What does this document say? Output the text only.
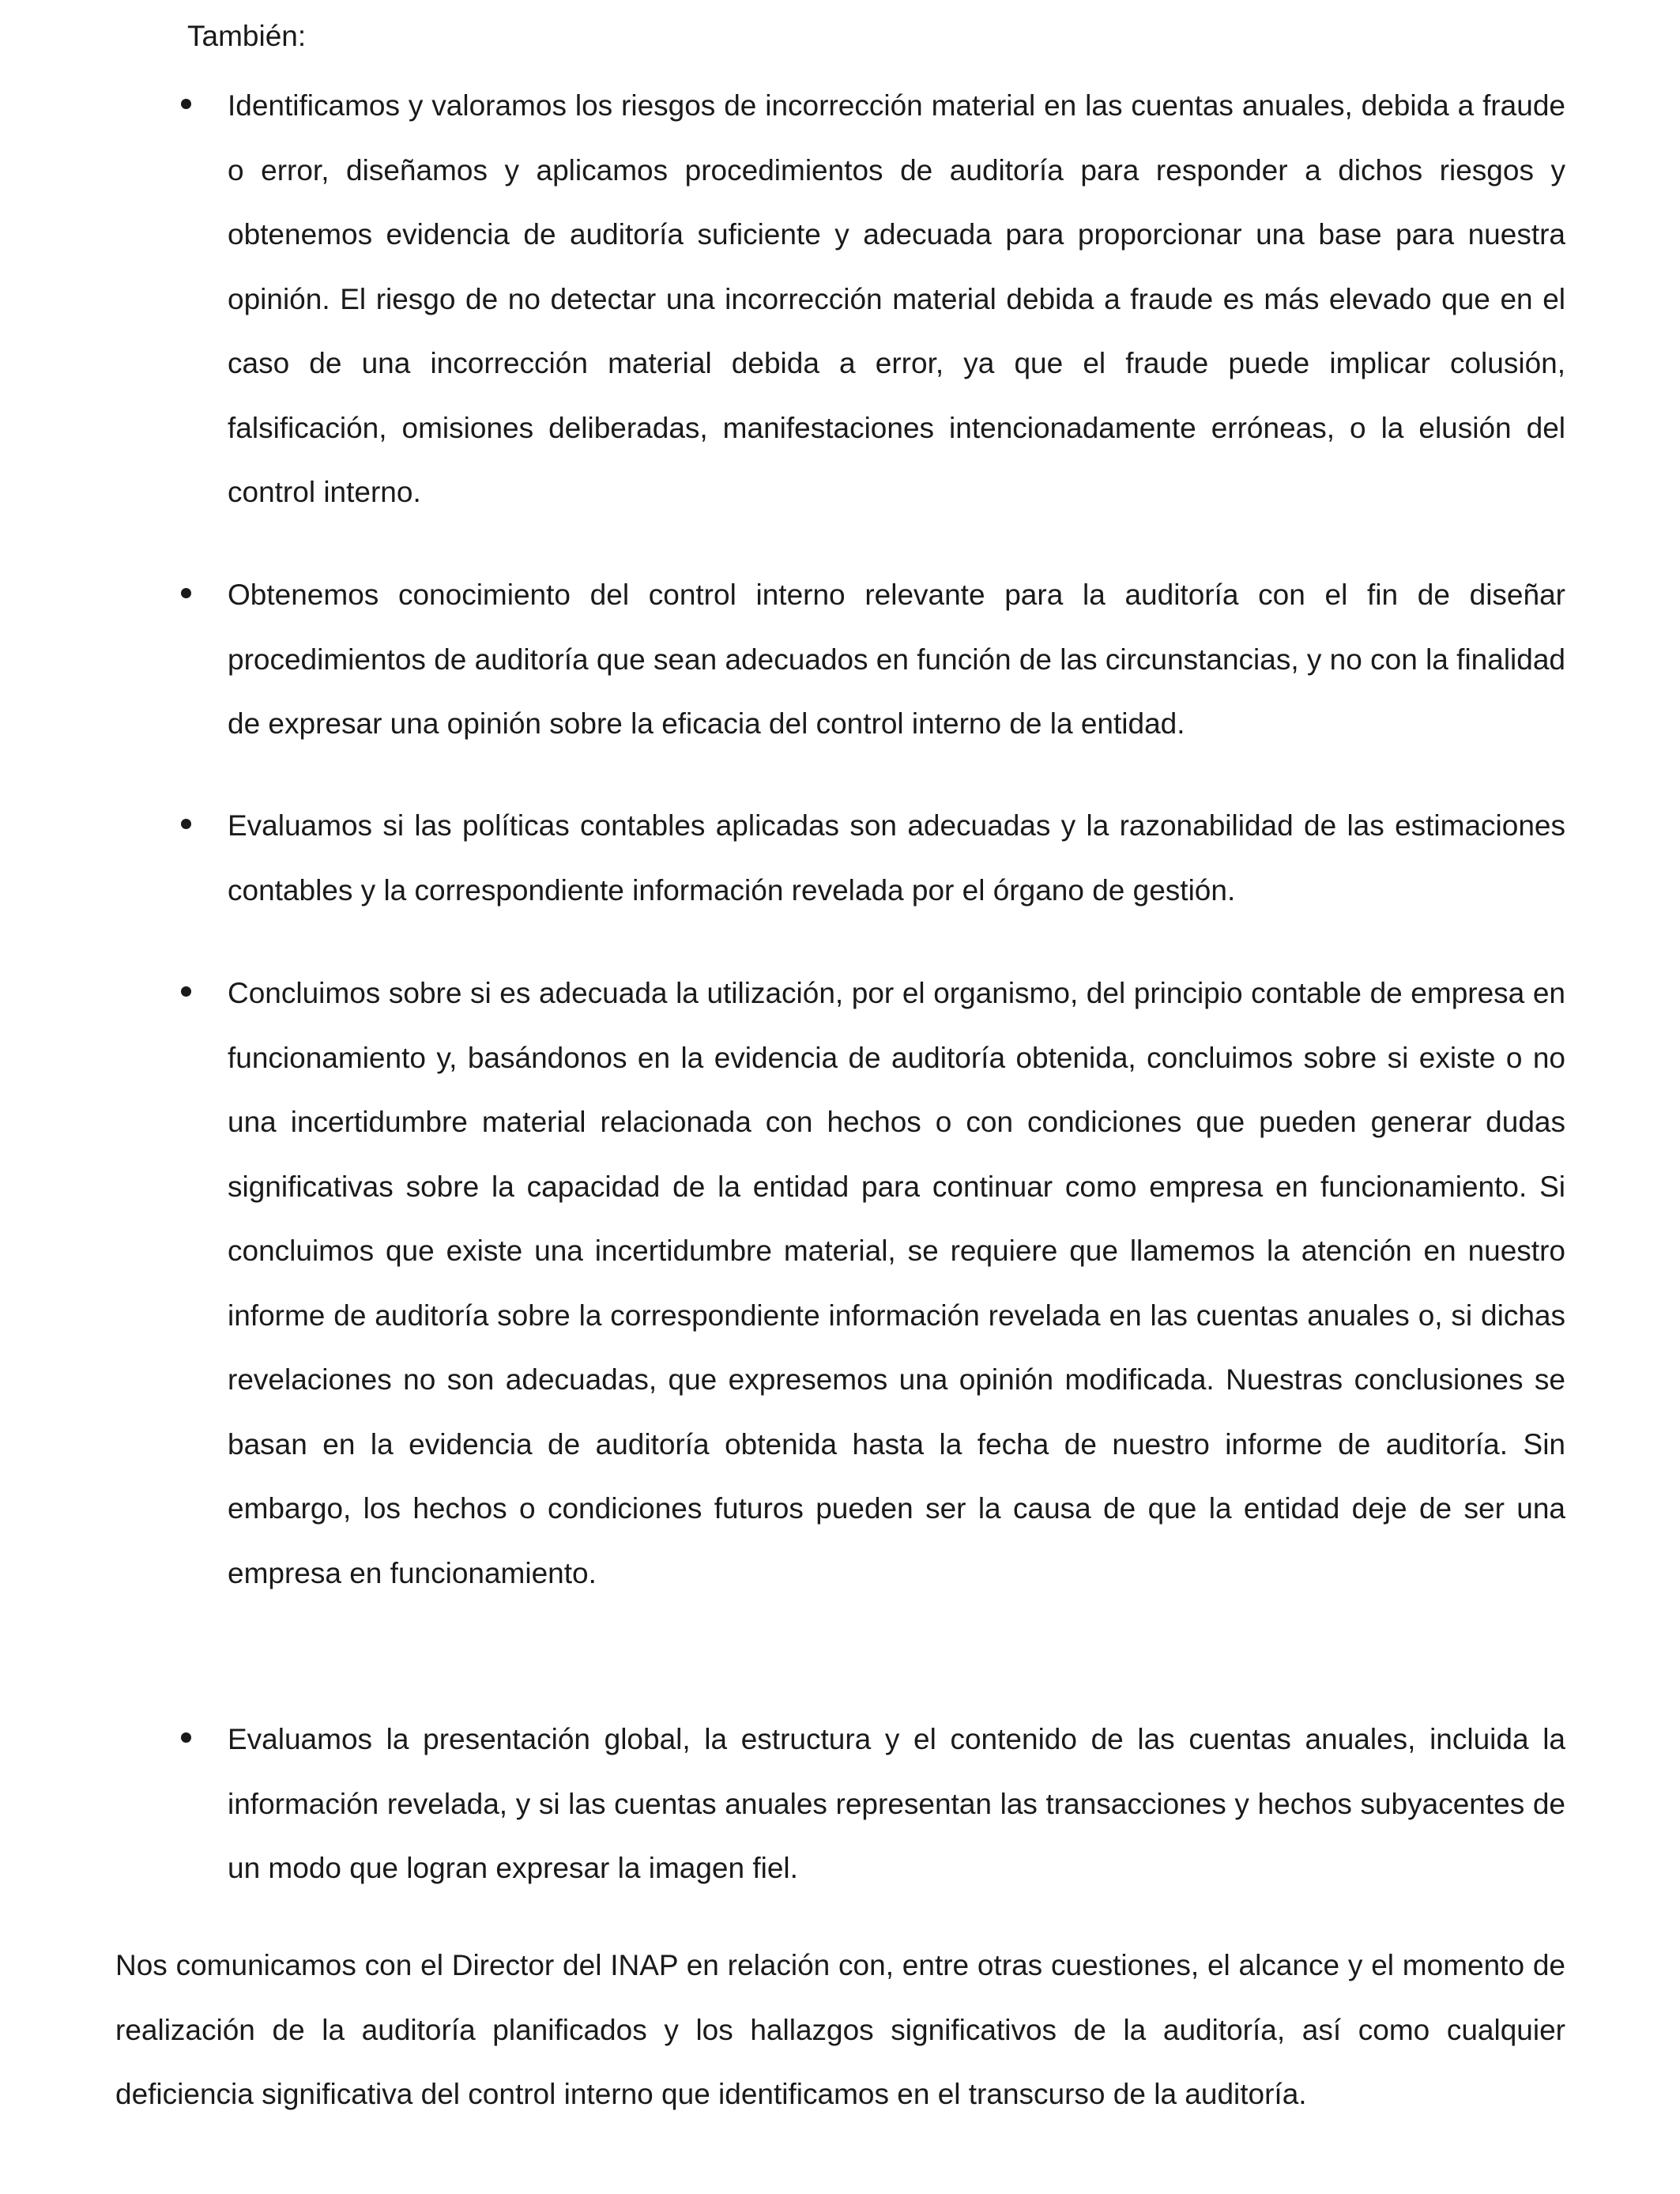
También:

Identificamos y valoramos los riesgos de incorrección material en las cuentas anuales, debida a fraude o error, diseñamos y aplicamos procedimientos de auditoría para responder a dichos riesgos y obtenemos evidencia de auditoría suficiente y adecuada para proporcionar una base para nuestra opinión. El riesgo de no detectar una incorrección material debida a fraude es más elevado que en el caso de una incorrección material debida a error, ya que el fraude puede implicar colusión, falsificación, omisiones deliberadas, manifestaciones intencionadamente erróneas, o la elusión del control interno.

Obtenemos conocimiento del control interno relevante para la auditoría con el fin de diseñar procedimientos de auditoría que sean adecuados en función de las circunstancias, y no con la finalidad de expresar una opinión sobre la eficacia del control interno de la entidad.

Evaluamos si las políticas contables aplicadas son adecuadas y la razonabilidad de las estimaciones contables y la correspondiente información revelada por el órgano de gestión.

Concluimos sobre si es adecuada la utilización, por el organismo, del principio contable de empresa en funcionamiento y, basándonos en la evidencia de auditoría obtenida, concluimos sobre si existe o no una incertidumbre material relacionada con hechos o con condiciones que pueden generar dudas significativas sobre la capacidad de la entidad para continuar como empresa en funcionamiento. Si concluimos que existe una incertidumbre material, se requiere que llamemos la atención en nuestro informe de auditoría sobre la correspondiente información revelada en las cuentas anuales o, si dichas revelaciones no son adecuadas, que expresemos una opinión modificada. Nuestras conclusiones se basan en la evidencia de auditoría obtenida hasta la fecha de nuestro informe de auditoría. Sin embargo, los hechos o condiciones futuros pueden ser la causa de que la entidad deje de ser una empresa en funcionamiento.

Evaluamos la presentación global, la estructura y el contenido de las cuentas anuales, incluida la información revelada, y si las cuentas anuales representan las transacciones y hechos subyacentes de un modo que logran expresar la imagen fiel.

Nos comunicamos con el Director del INAP en relación con, entre otras cuestiones, el alcance y el momento de realización de la auditoría planificados y los hallazgos significativos de la auditoría, así como cualquier deficiencia significativa del control interno que identificamos en el transcurso de la auditoría.
